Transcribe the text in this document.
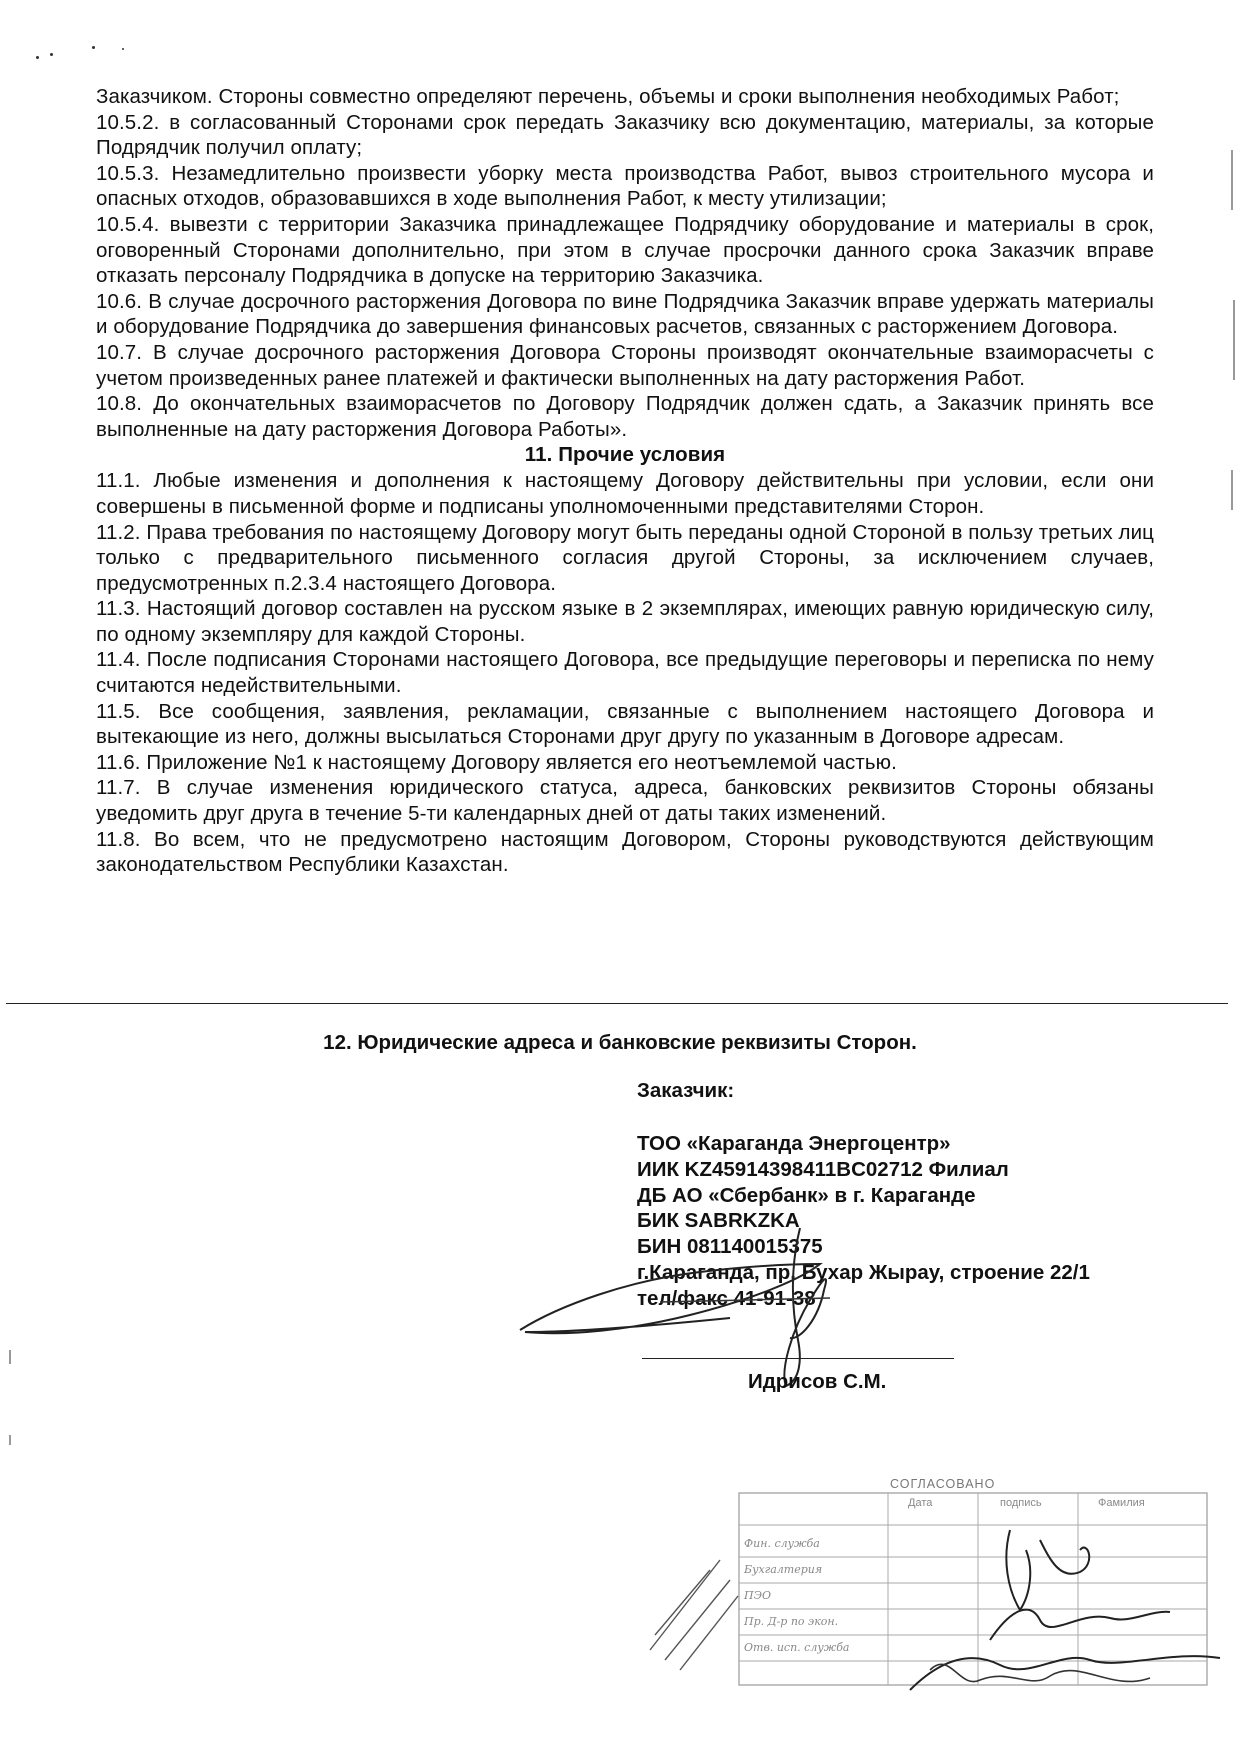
Заказчиком. Стороны совместно определяют перечень, объемы и сроки выполнения необходимых Работ;

10.5.2. в согласованный Сторонами срок передать Заказчику всю документацию, материалы, за которые Подрядчик получил оплату;

10.5.3. Незамедлительно произвести уборку места производства Работ, вывоз строительного мусора и опасных отходов, образовавшихся в ходе выполнения Работ, к месту утилизации;

10.5.4. вывезти с территории Заказчика принадлежащее Подрядчику оборудование и материалы в срок, оговоренный Сторонами дополнительно, при этом в случае просрочки данного срока Заказчик вправе отказать персоналу Подрядчика в допуске на территорию Заказчика.

10.6. В случае досрочного расторжения Договора по вине Подрядчика Заказчик вправе удержать материалы и оборудование Подрядчика до завершения финансовых расчетов, связанных с расторжением Договора.

10.7. В случае досрочного расторжения Договора Стороны производят окончательные взаиморасчеты с учетом произведенных ранее платежей и фактически выполненных на дату расторжения Работ.

10.8. До окончательных взаиморасчетов по Договору Подрядчик должен сдать, а Заказчик принять все выполненные на дату расторжения Договора Работы».

11. Прочие условия

11.1. Любые изменения и дополнения к настоящему Договору действительны при условии, если они совершены в письменной форме и подписаны уполномоченными представителями Сторон.

11.2. Права требования по настоящему Договору могут быть переданы одной Стороной в пользу третьих лиц только с предварительного письменного согласия другой Стороны, за исключением случаев, предусмотренных п.2.3.4 настоящего Договора.

11.3. Настоящий договор составлен на русском языке в 2 экземплярах, имеющих равную юридическую силу, по одному экземпляру для каждой Стороны.

11.4. После подписания Сторонами настоящего Договора, все предыдущие переговоры и переписка по нему считаются недействительными.

11.5. Все сообщения, заявления, рекламации, связанные с выполнением настоящего Договора и вытекающие из него, должны высылаться Сторонами друг другу по указанным в Договоре адресам.

11.6. Приложение №1 к настоящему Договору является его неотъемлемой частью.

11.7. В случае изменения юридического статуса, адреса, банковских реквизитов Стороны обязаны уведомить друг друга в течение 5-ти календарных дней от даты таких изменений.

11.8. Во всем, что не предусмотрено настоящим Договором, Стороны руководствуются действующим законодательством Республики Казахстан.

12. Юридические адреса и банковские реквизиты Сторон.
Заказчик:
ТОО «Караганда Энергоцентр»
ИИК KZ45914398411BC02712 Филиал
ДБ АО «Сбербанк» в г. Караганде
БИК SABRKZKA
БИН 081140015375
г.Караганда, пр. Бухар Жырау, строение 22/1
тел/факс 41-91-38
Идрисов С.М.
СОГЛАСОВАНО
Дата	подпись	Фамилия
Фин. служба
Бухгалтерия
ПЭО
Пр. Д-р по экон.
Отв. исп. служба
